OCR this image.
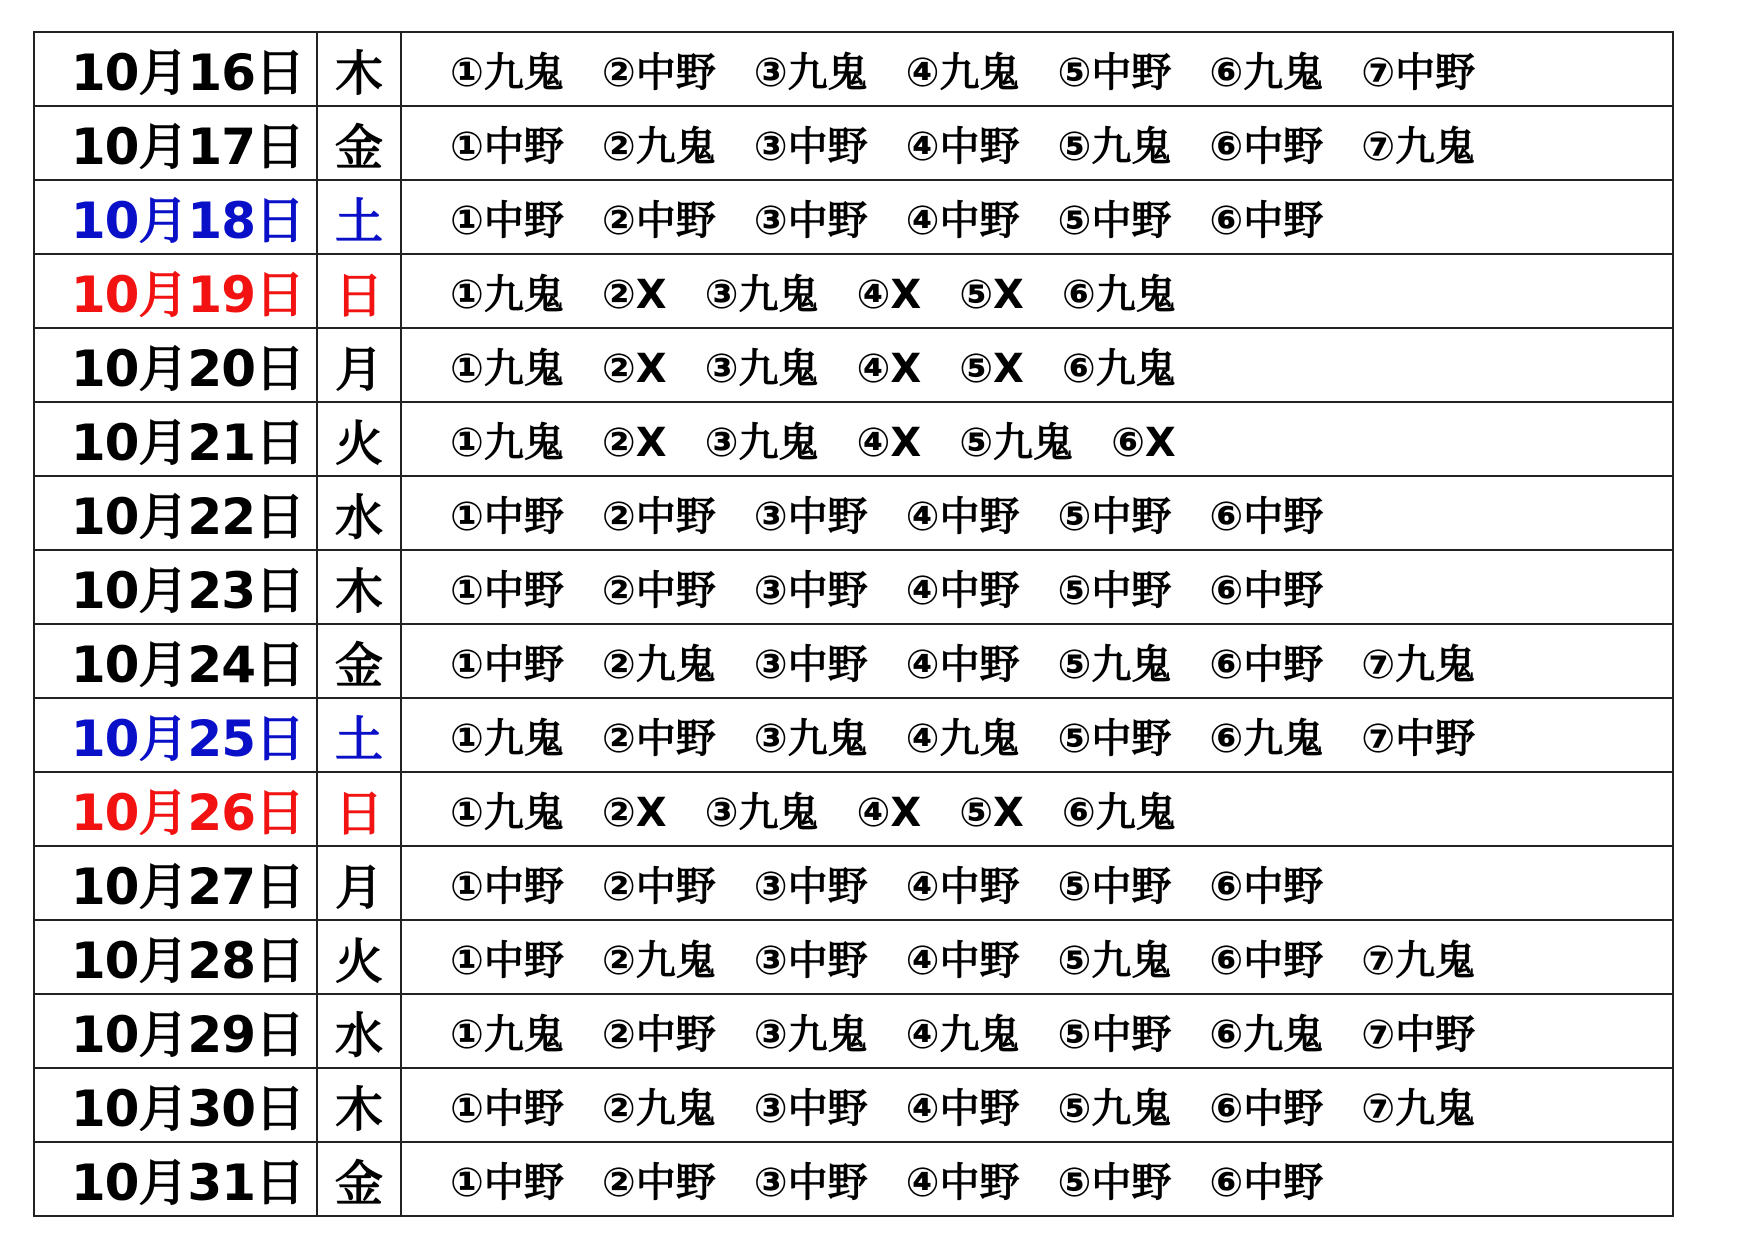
10月16日	木	①九鬼 ②中野 ③九鬼 ④九鬼 ⑤中野 ⑥九鬼 ⑦中野
10月17日	金	①中野 ②九鬼 ③中野 ④中野 ⑤九鬼 ⑥中野 ⑦九鬼
10月18日	土	①中野 ②中野 ③中野 ④中野 ⑤中野 ⑥中野
10月19日	日	①九鬼 ②X ③九鬼 ④X ⑤X ⑥九鬼
10月20日	月	①九鬼 ②X ③九鬼 ④X ⑤X ⑥九鬼
10月21日	火	①九鬼 ②X ③九鬼 ④X ⑤九鬼 ⑥X
10月22日	水	①中野 ②中野 ③中野 ④中野 ⑤中野 ⑥中野
10月23日	木	①中野 ②中野 ③中野 ④中野 ⑤中野 ⑥中野
10月24日	金	①中野 ②九鬼 ③中野 ④中野 ⑤九鬼 ⑥中野 ⑦九鬼
10月25日	土	①九鬼 ②中野 ③九鬼 ④九鬼 ⑤中野 ⑥九鬼 ⑦中野
10月26日	日	①九鬼 ②X ③九鬼 ④X ⑤X ⑥九鬼
10月27日	月	①中野 ②中野 ③中野 ④中野 ⑤中野 ⑥中野
10月28日	火	①中野 ②九鬼 ③中野 ④中野 ⑤九鬼 ⑥中野 ⑦九鬼
10月29日	水	①九鬼 ②中野 ③九鬼 ④九鬼 ⑤中野 ⑥九鬼 ⑦中野
10月30日	木	①中野 ②九鬼 ③中野 ④中野 ⑤九鬼 ⑥中野 ⑦九鬼
10月31日	金	①中野 ②中野 ③中野 ④中野 ⑤中野 ⑥中野
